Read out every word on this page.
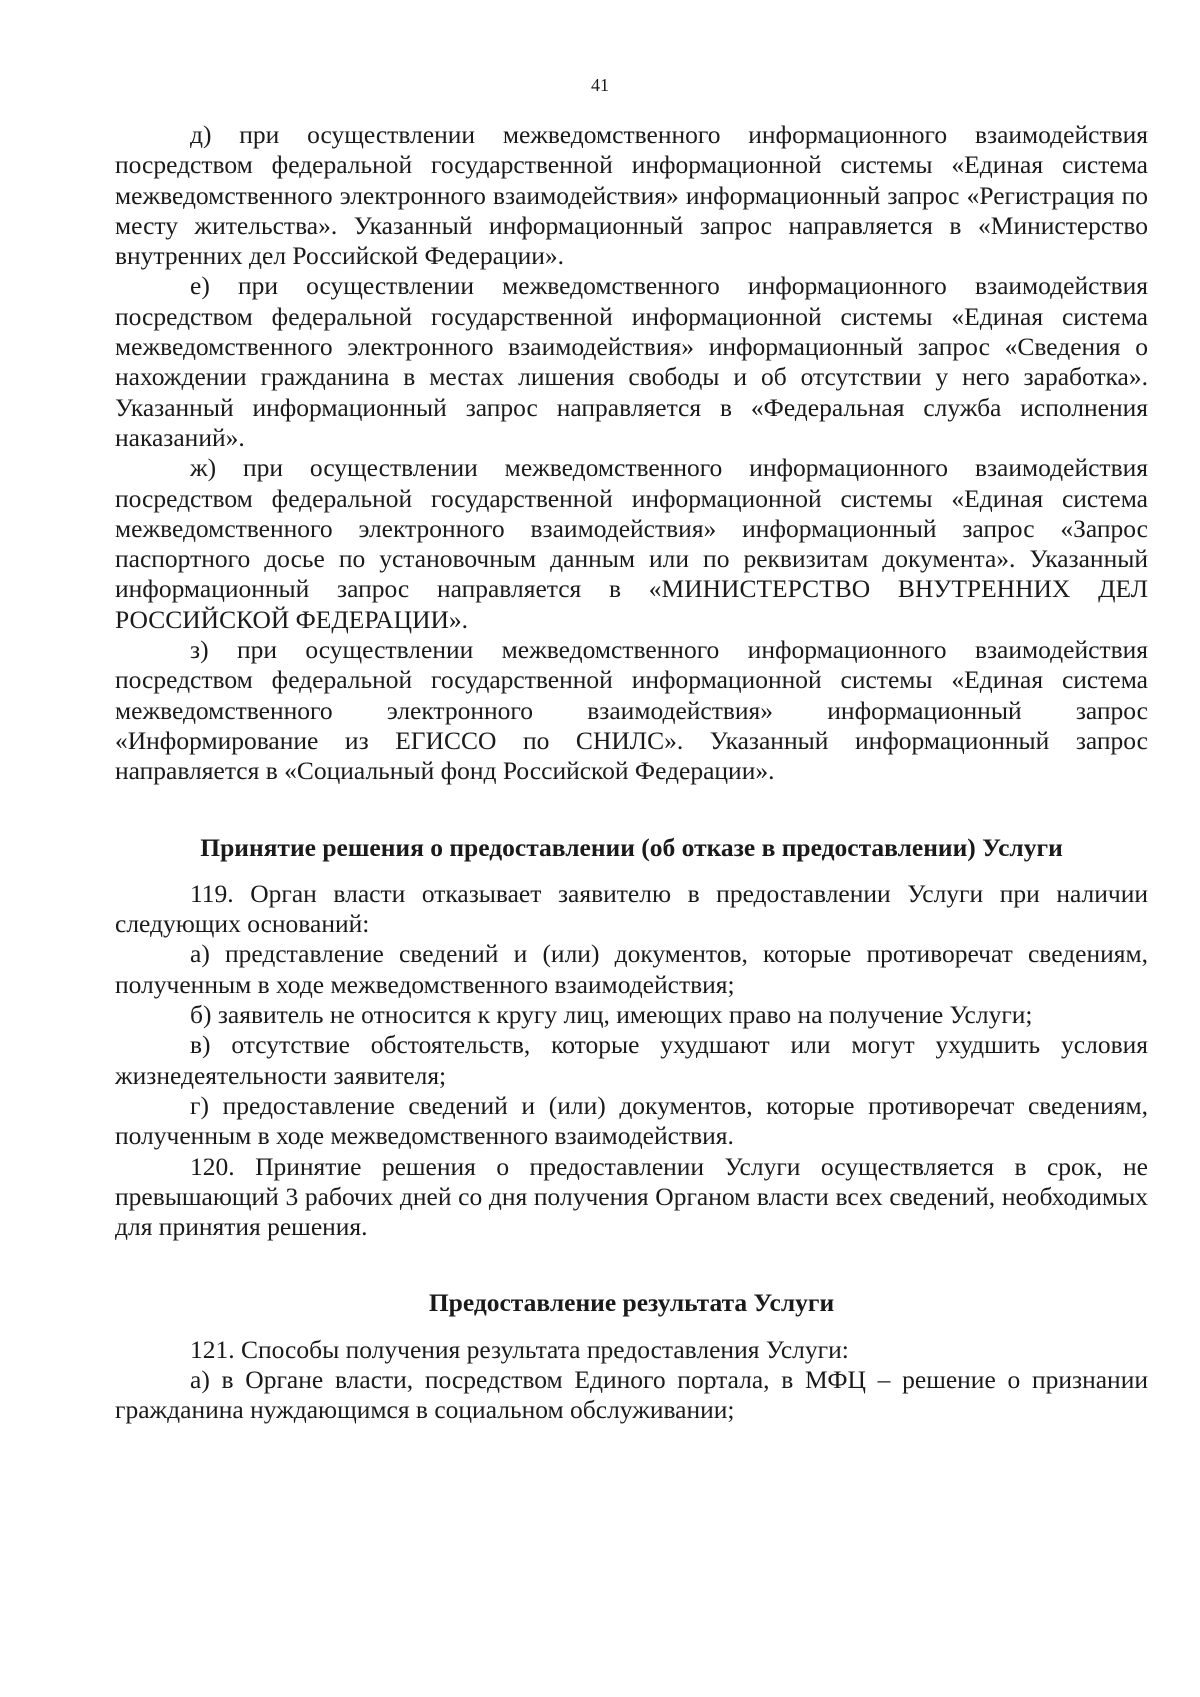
41

д) при осуществлении межведомственного информационного взаимодействия посредством федеральной государственной информационной системы «Единая система межведомственного электронного взаимодействия» информационный запрос «Регистрация по месту жительства». Указанный информационный запрос направляется в «Министерство внутренних дел Российской Федерации».

е) при осуществлении межведомственного информационного взаимодействия посредством федеральной государственной информационной системы «Единая система межведомственного электронного взаимодействия» информационный запрос «Сведения о нахождении гражданина в местах лишения свободы и об отсутствии у него заработка». Указанный информационный запрос направляется в «Федеральная служба исполнения наказаний».

ж) при осуществлении межведомственного информационного взаимодействия посредством федеральной государственной информационной системы «Единая система межведомственного электронного взаимодействия» информационный запрос «Запрос паспортного досье по установочным данным или по реквизитам документа». Указанный информационный запрос направляется в «МИНИСТЕРСТВО ВНУТРЕННИХ ДЕЛ РОССИЙСКОЙ ФЕДЕРАЦИИ».

з) при осуществлении межведомственного информационного взаимодействия посредством федеральной государственной информационной системы «Единая система межведомственного электронного взаимодействия» информационный запрос «Информирование из ЕГИССО по СНИЛС». Указанный информационный запрос направляется в «Социальный фонд Российской Федерации».

Принятие решения о предоставлении (об отказе в предоставлении) Услуги

119. Орган власти отказывает заявителю в предоставлении Услуги при наличии следующих оснований:

а) представление сведений и (или) документов, которые противоречат сведениям, полученным в ходе межведомственного взаимодействия;

б) заявитель не относится к кругу лиц, имеющих право на получение Услуги;

в) отсутствие обстоятельств, которые ухудшают или могут ухудшить условия жизнедеятельности заявителя;

г) предоставление сведений и (или) документов, которые противоречат сведениям, полученным в ходе межведомственного взаимодействия.

120. Принятие решения о предоставлении Услуги осуществляется в срок, не превышающий 3 рабочих дней со дня получения Органом власти всех сведений, необходимых для принятия решения.

Предоставление результата Услуги

121. Способы получения результата предоставления Услуги:

а) в Органе власти, посредством Единого портала, в МФЦ – решение о признании гражданина нуждающимся в социальном обслуживании;
